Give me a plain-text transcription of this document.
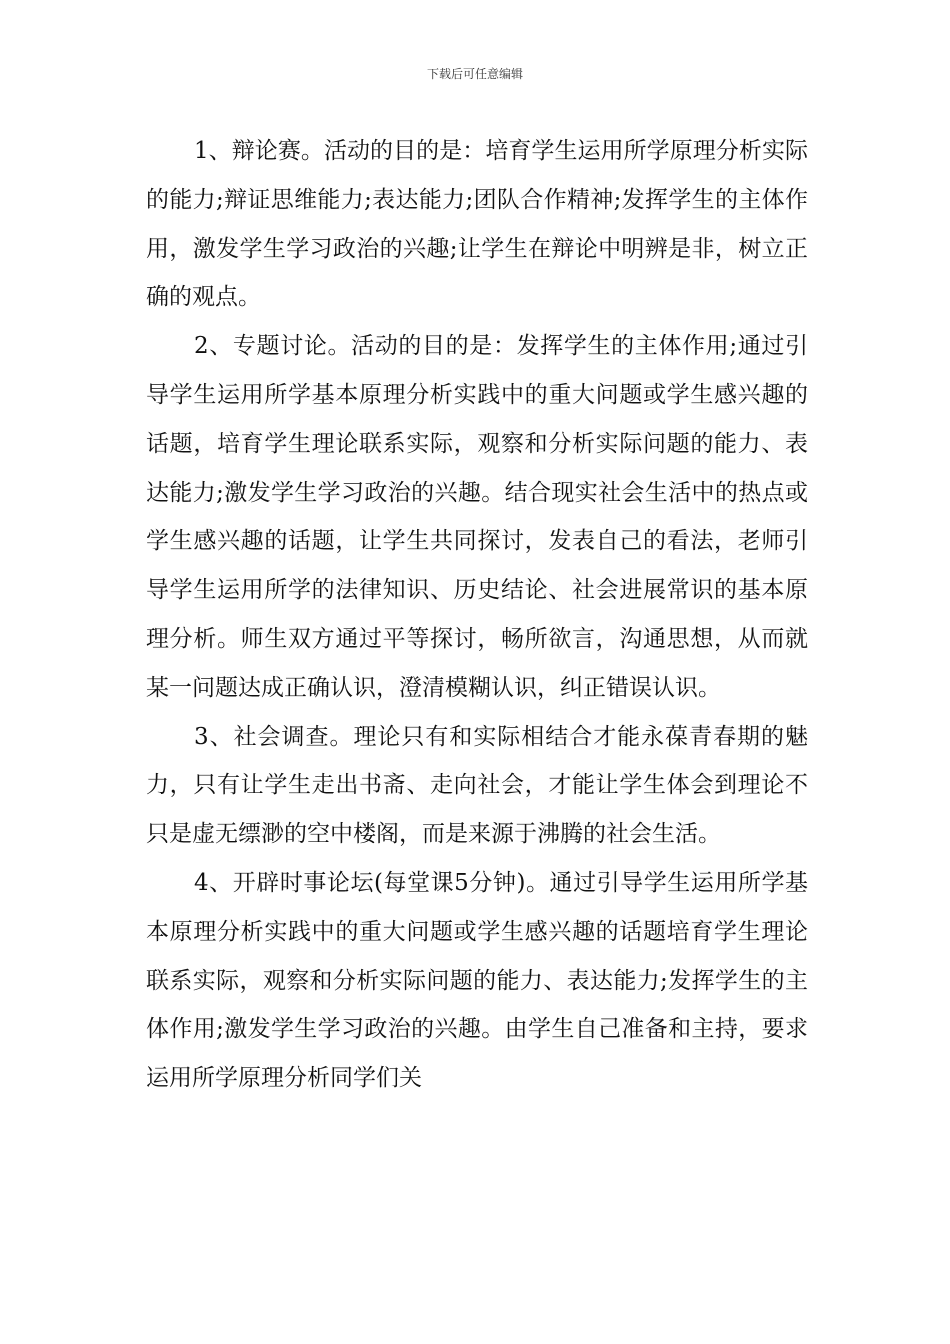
下载后可任意编辑

1、辩论赛。活动的目的是：培育学生运用所学原理分析实际的能力;辩证思维能力;表达能力;团队合作精神;发挥学生的主体作用，激发学生学习政治的兴趣;让学生在辩论中明辨是非，树立正确的观点。

2、专题讨论。活动的目的是：发挥学生的主体作用;通过引导学生运用所学基本原理分析实践中的重大问题或学生感兴趣的话题，培育学生理论联系实际，观察和分析实际问题的能力、表达能力;激发学生学习政治的兴趣。结合现实社会生活中的热点或学生感兴趣的话题，让学生共同探讨，发表自己的看法，老师引导学生运用所学的法律知识、历史结论、社会进展常识的基本原理分析。师生双方通过平等探讨，畅所欲言，沟通思想，从而就某一问题达成正确认识，澄清模糊认识，纠正错误认识。

3、社会调查。理论只有和实际相结合才能永葆青春期的魅力，只有让学生走出书斋、走向社会，才能让学生体会到理论不只是虚无缥渺的空中楼阁，而是来源于沸腾的社会生活。

4、开辟时事论坛(每堂课5分钟)。通过引导学生运用所学基本原理分析实践中的重大问题或学生感兴趣的话题培育学生理论联系实际，观察和分析实际问题的能力、表达能力;发挥学生的主体作用;激发学生学习政治的兴趣。由学生自己准备和主持，要求运用所学原理分析同学们关
